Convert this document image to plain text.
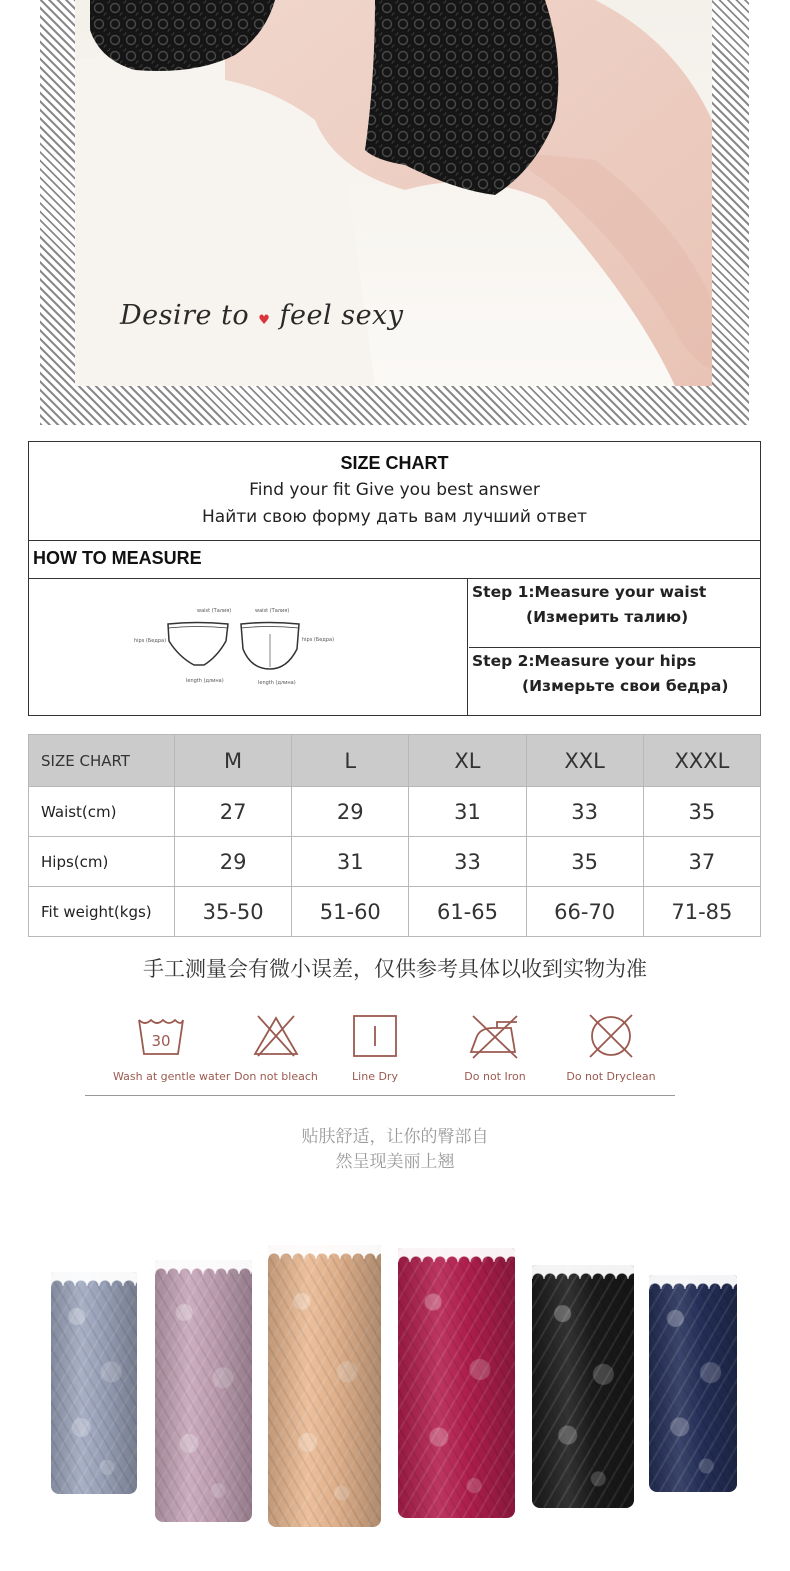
Desire to ♥ feel sexy
SIZE CHART
Find your fit Give you best answer
Найти свою форму дать вам лучший ответ
HOW TO MEASURE
waist (Талия)
hips (Бедра)
length (длина)
waist (Талия)
hips (Бедра)
length (длина)
Step 1:Measure your waist
(Измерить талию)
Step 2:Measure your hips
(Измерьте свои бедра)
SIZE CHART	M	L	XL	XXL	XXXL
Waist(cm)	27	29	31	33	35
Hips(cm)	29	31	33	35	37
Fit weight(kgs)	35-50	51-60	61-65	66-70	71-85
手工测量会有微小误差，仅供参考具体以收到实物为准
30
Wash at gentle water Don not bleach	Line Dry	Do not Iron	Do not Dryclean
贴肤舒适，让你的臀部自
然呈现美丽上翘
